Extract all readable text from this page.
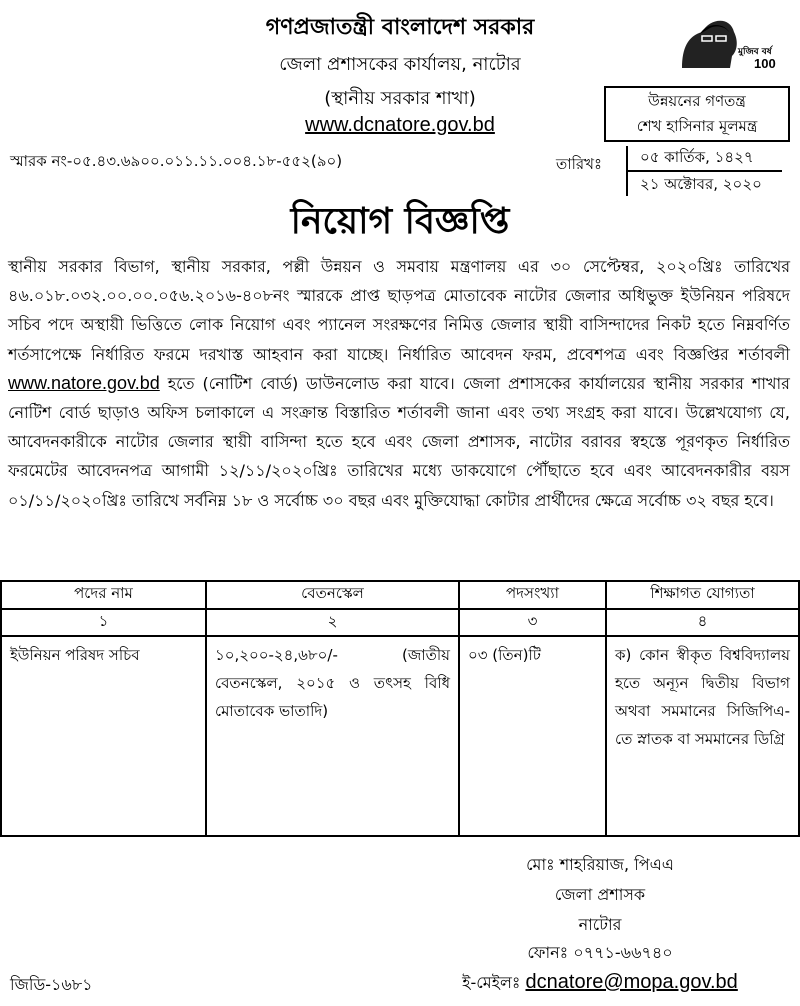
গণপ্রজাতন্ত্রী বাংলাদেশ সরকার
জেলা প্রশাসকের কার্যালয়, নাটোর
(স্থানীয় সরকার শাখা)
www.dcnatore.gov.bd
মুজিব বর্ষ
100
উন্নয়নের গণতন্ত্র
শেখ হাসিনার মূলমন্ত্র
স্মারক নং-০৫.৪৩.৬৯০০.০১১.১১.০০৪.১৮-৫৫২(৯০)	তারিখঃ	০৫ কার্তিক, ১৪২৭
২১ অক্টোবর, ২০২০
নিয়োগ বিজ্ঞপ্তি
স্থানীয় সরকার বিভাগ, স্থানীয় সরকার, পল্লী উন্নয়ন ও সমবায় মন্ত্রণালয় এর ৩০ সেপ্টেম্বর, ২০২০খ্রিঃ তারিখের ৪৬.০১৮.০৩২.০০.০০.০৫৬.২০১৬-৪০৮নং স্মারকে প্রাপ্ত ছাড়পত্র মোতাবেক নাটোর জেলার অধিভুক্ত ইউনিয়ন পরিষদে সচিব পদে অস্থায়ী ভিত্তিতে লোক নিয়োগ এবং প্যানেল সংরক্ষণের নিমিত্ত জেলার স্থায়ী বাসিন্দাদের নিকট হতে নিম্নবর্ণিত শর্তসাপেক্ষে নির্ধারিত ফরমে দরখাস্ত আহবান করা যাচ্ছে। নির্ধারিত আবেদন ফরম, প্রবেশপত্র এবং বিজ্ঞপ্তির শর্তাবলী www.natore.gov.bd হতে (নোটিশ বোর্ড) ডাউনলোড করা যাবে। জেলা প্রশাসকের কার্যালয়ের স্থানীয় সরকার শাখার নোটিশ বোর্ড ছাড়াও অফিস চলাকালে এ সংক্রান্ত বিস্তারিত শর্তাবলী জানা এবং তথ্য সংগ্রহ করা যাবে। উল্লেখযোগ্য যে, আবেদনকারীকে নাটোর জেলার স্থায়ী বাসিন্দা হতে হবে এবং জেলা প্রশাসক, নাটোর বরাবর স্বহস্তে পূরণকৃত নির্ধারিত ফরমেটের আবেদনপত্র আগামী ১২/১১/২০২০খ্রিঃ তারিখের মধ্যে ডাকযোগে পৌঁছাতে হবে এবং আবেদনকারীর বয়স ০১/১১/২০২০খ্রিঃ তারিখে সর্বনিম্ন ১৮ ও সর্বোচ্চ ৩০ বছর এবং মুক্তিযোদ্ধা কোটার প্রার্থীদের ক্ষেত্রে সর্বোচ্চ ৩২ বছর হবে।
পদের নাম	বেতনস্কেল	পদসংখ্যা	শিক্ষাগত যোগ্যতা
১	২	৩	৪
ইউনিয়ন পরিষদ সচিব	১০,২০০-২৪,৬৮০/- (জাতীয় বেতনস্কেল, ২০১৫ ও তৎসহ বিধি মোতাবেক ভাতাদি)	০৩ (তিন)টি	ক) কোন স্বীকৃত বিশ্ববিদ্যালয় হতে অন্যূন দ্বিতীয় বিভাগ অথবা সমমানের সিজিপিএ-তে স্নাতক বা সমমানের ডিগ্রি
মোঃ শাহরিয়াজ, পিএএ
জেলা প্রশাসক
নাটোর
ফোনঃ ০৭৭১-৬৬৭৪০
ই-মেইলঃ dcnatore@mopa.gov.bd
জিডি-১৬৮১
